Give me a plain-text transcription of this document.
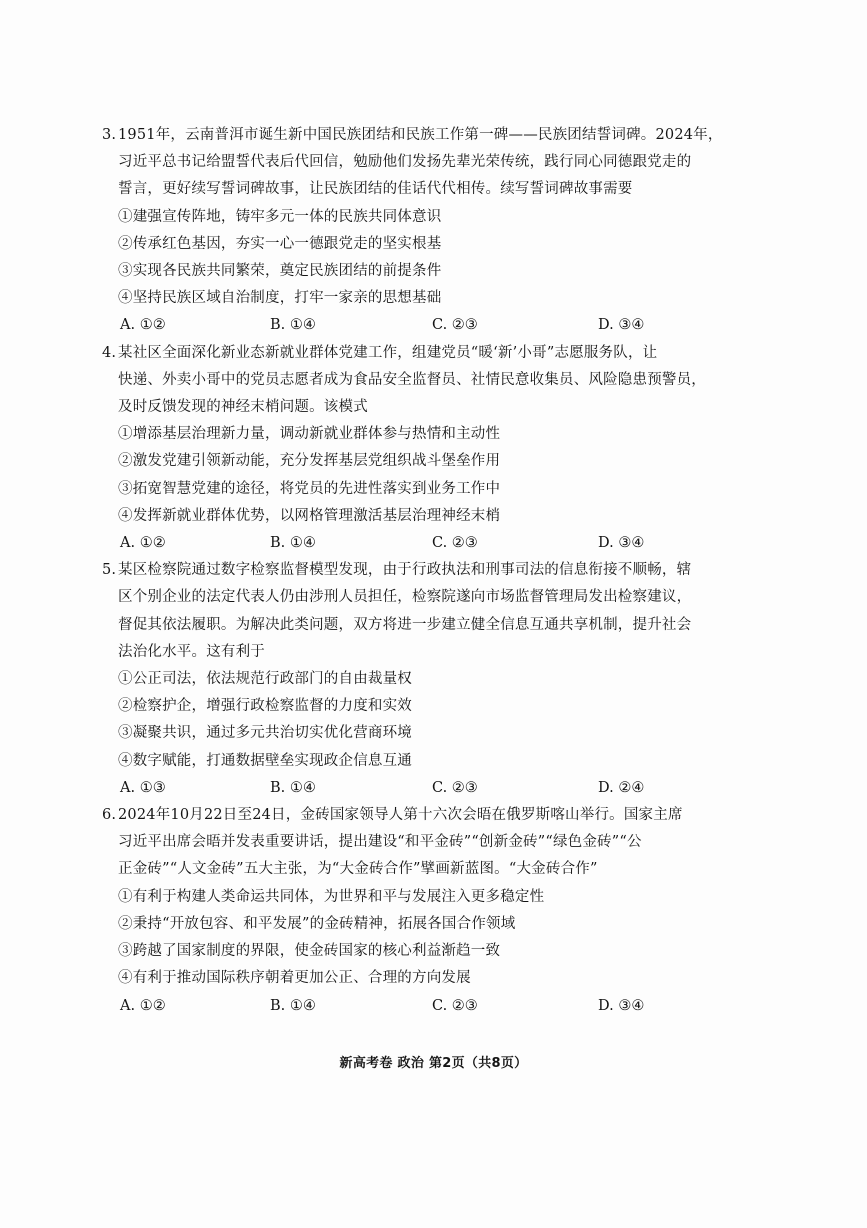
3. 1951年，云南普洱市诞生新中国民族团结和民族工作第一碑——民族团结誓词碑。2024年，
习近平总书记给盟誓代表后代回信，勉励他们发扬先辈光荣传统，践行同心同德跟党走的
誓言，更好续写誓词碑故事，让民族团结的佳话代代相传。续写誓词碑故事需要
①建强宣传阵地，铸牢多元一体的民族共同体意识
②传承红色基因，夯实一心一德跟党走的坚实根基
③实现各民族共同繁荣，奠定民族团结的前提条件
④坚持民族区域自治制度，打牢一家亲的思想基础
A. ①②	B. ①④	C. ②③	D. ③④
4. 某社区全面深化新业态新就业群体党建工作，组建党员“暖‘新’小哥”志愿服务队，让
快递、外卖小哥中的党员志愿者成为食品安全监督员、社情民意收集员、风险隐患预警员，
及时反馈发现的神经末梢问题。该模式
①增添基层治理新力量，调动新就业群体参与热情和主动性
②激发党建引领新动能，充分发挥基层党组织战斗堡垒作用
③拓宽智慧党建的途径，将党员的先进性落实到业务工作中
④发挥新就业群体优势，以网格管理激活基层治理神经末梢
A. ①②	B. ①④	C. ②③	D. ③④
5. 某区检察院通过数字检察监督模型发现，由于行政执法和刑事司法的信息衔接不顺畅，辖
区个别企业的法定代表人仍由涉刑人员担任，检察院遂向市场监督管理局发出检察建议，
督促其依法履职。为解决此类问题，双方将进一步建立健全信息互通共享机制，提升社会
法治化水平。这有利于
①公正司法，依法规范行政部门的自由裁量权
②检察护企，增强行政检察监督的力度和实效
③凝聚共识，通过多元共治切实优化营商环境
④数字赋能，打通数据壁垒实现政企信息互通
A. ①③	B. ①④	C. ②③	D. ②④
6. 2024年10月22日至24日，金砖国家领导人第十六次会晤在俄罗斯喀山举行。国家主席
习近平出席会晤并发表重要讲话，提出建设“和平金砖”“创新金砖”“绿色金砖”“公
正金砖”“人文金砖”五大主张，为“大金砖合作”擘画新蓝图。“大金砖合作”
①有利于构建人类命运共同体，为世界和平与发展注入更多稳定性
②秉持“开放包容、和平发展”的金砖精神，拓展各国合作领域
③跨越了国家制度的界限，使金砖国家的核心利益渐趋一致
④有利于推动国际秩序朝着更加公正、合理的方向发展
A. ①②	B. ①④	C. ②③	D. ③④
新高考卷 政治 第2页（共8页）
